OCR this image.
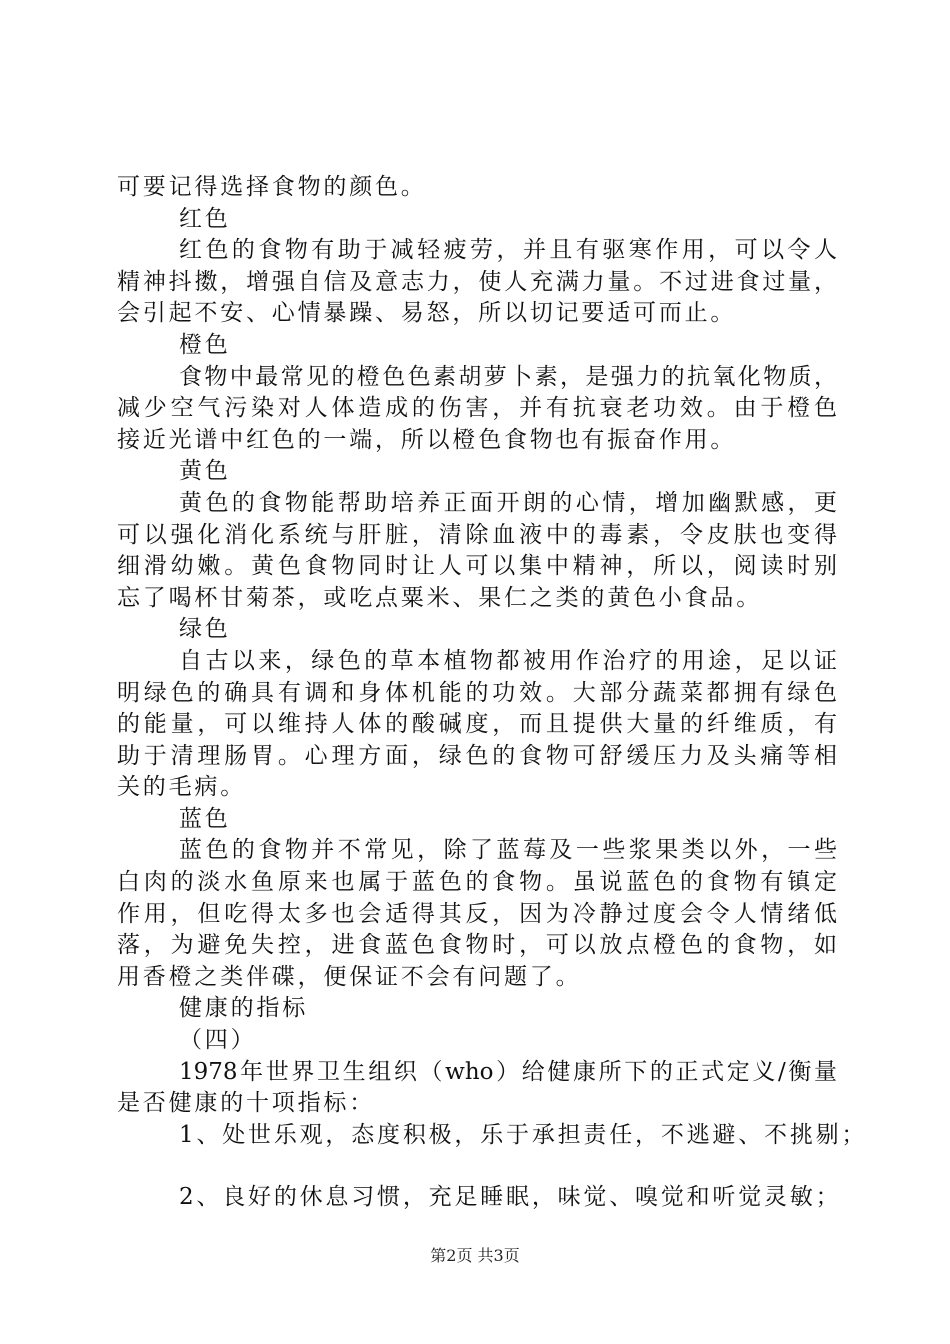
可要记得选择食物的颜色。
红色
红色的食物有助于减轻疲劳，并且有驱寒作用，可以令人
精神抖擞，增强自信及意志力，使人充满力量。不过进食过量，
会引起不安、心情暴躁、易怒，所以切记要适可而止。
橙色
食物中最常见的橙色色素胡萝卜素，是强力的抗氧化物质，
减少空气污染对人体造成的伤害，并有抗衰老功效。由于橙色
接近光谱中红色的一端，所以橙色食物也有振奋作用。
黄色
黄色的食物能帮助培养正面开朗的心情，增加幽默感，更
可以强化消化系统与肝脏，清除血液中的毒素，令皮肤也变得
细滑幼嫩。黄色食物同时让人可以集中精神，所以，阅读时别
忘了喝杯甘菊茶，或吃点粟米、果仁之类的黄色小食品。
绿色
自古以来，绿色的草本植物都被用作治疗的用途，足以证
明绿色的确具有调和身体机能的功效。大部分蔬菜都拥有绿色
的能量，可以维持人体的酸碱度，而且提供大量的纤维质，有
助于清理肠胃。心理方面，绿色的食物可舒缓压力及头痛等相
关的毛病。
蓝色
蓝色的食物并不常见，除了蓝莓及一些浆果类以外，一些
白肉的淡水鱼原来也属于蓝色的食物。虽说蓝色的食物有镇定
作用，但吃得太多也会适得其反，因为冷静过度会令人情绪低
落，为避免失控，进食蓝色食物时，可以放点橙色的食物，如
用香橙之类伴碟，便保证不会有问题了。
健康的指标
（四）
1978年世界卫生组织（who）给健康所下的正式定义/衡量
是否健康的十项指标：
1、处世乐观，态度积极，乐于承担责任，不逃避、不挑剔；
2、良好的休息习惯，充足睡眠，味觉、嗅觉和听觉灵敏；
第2页 共3页
